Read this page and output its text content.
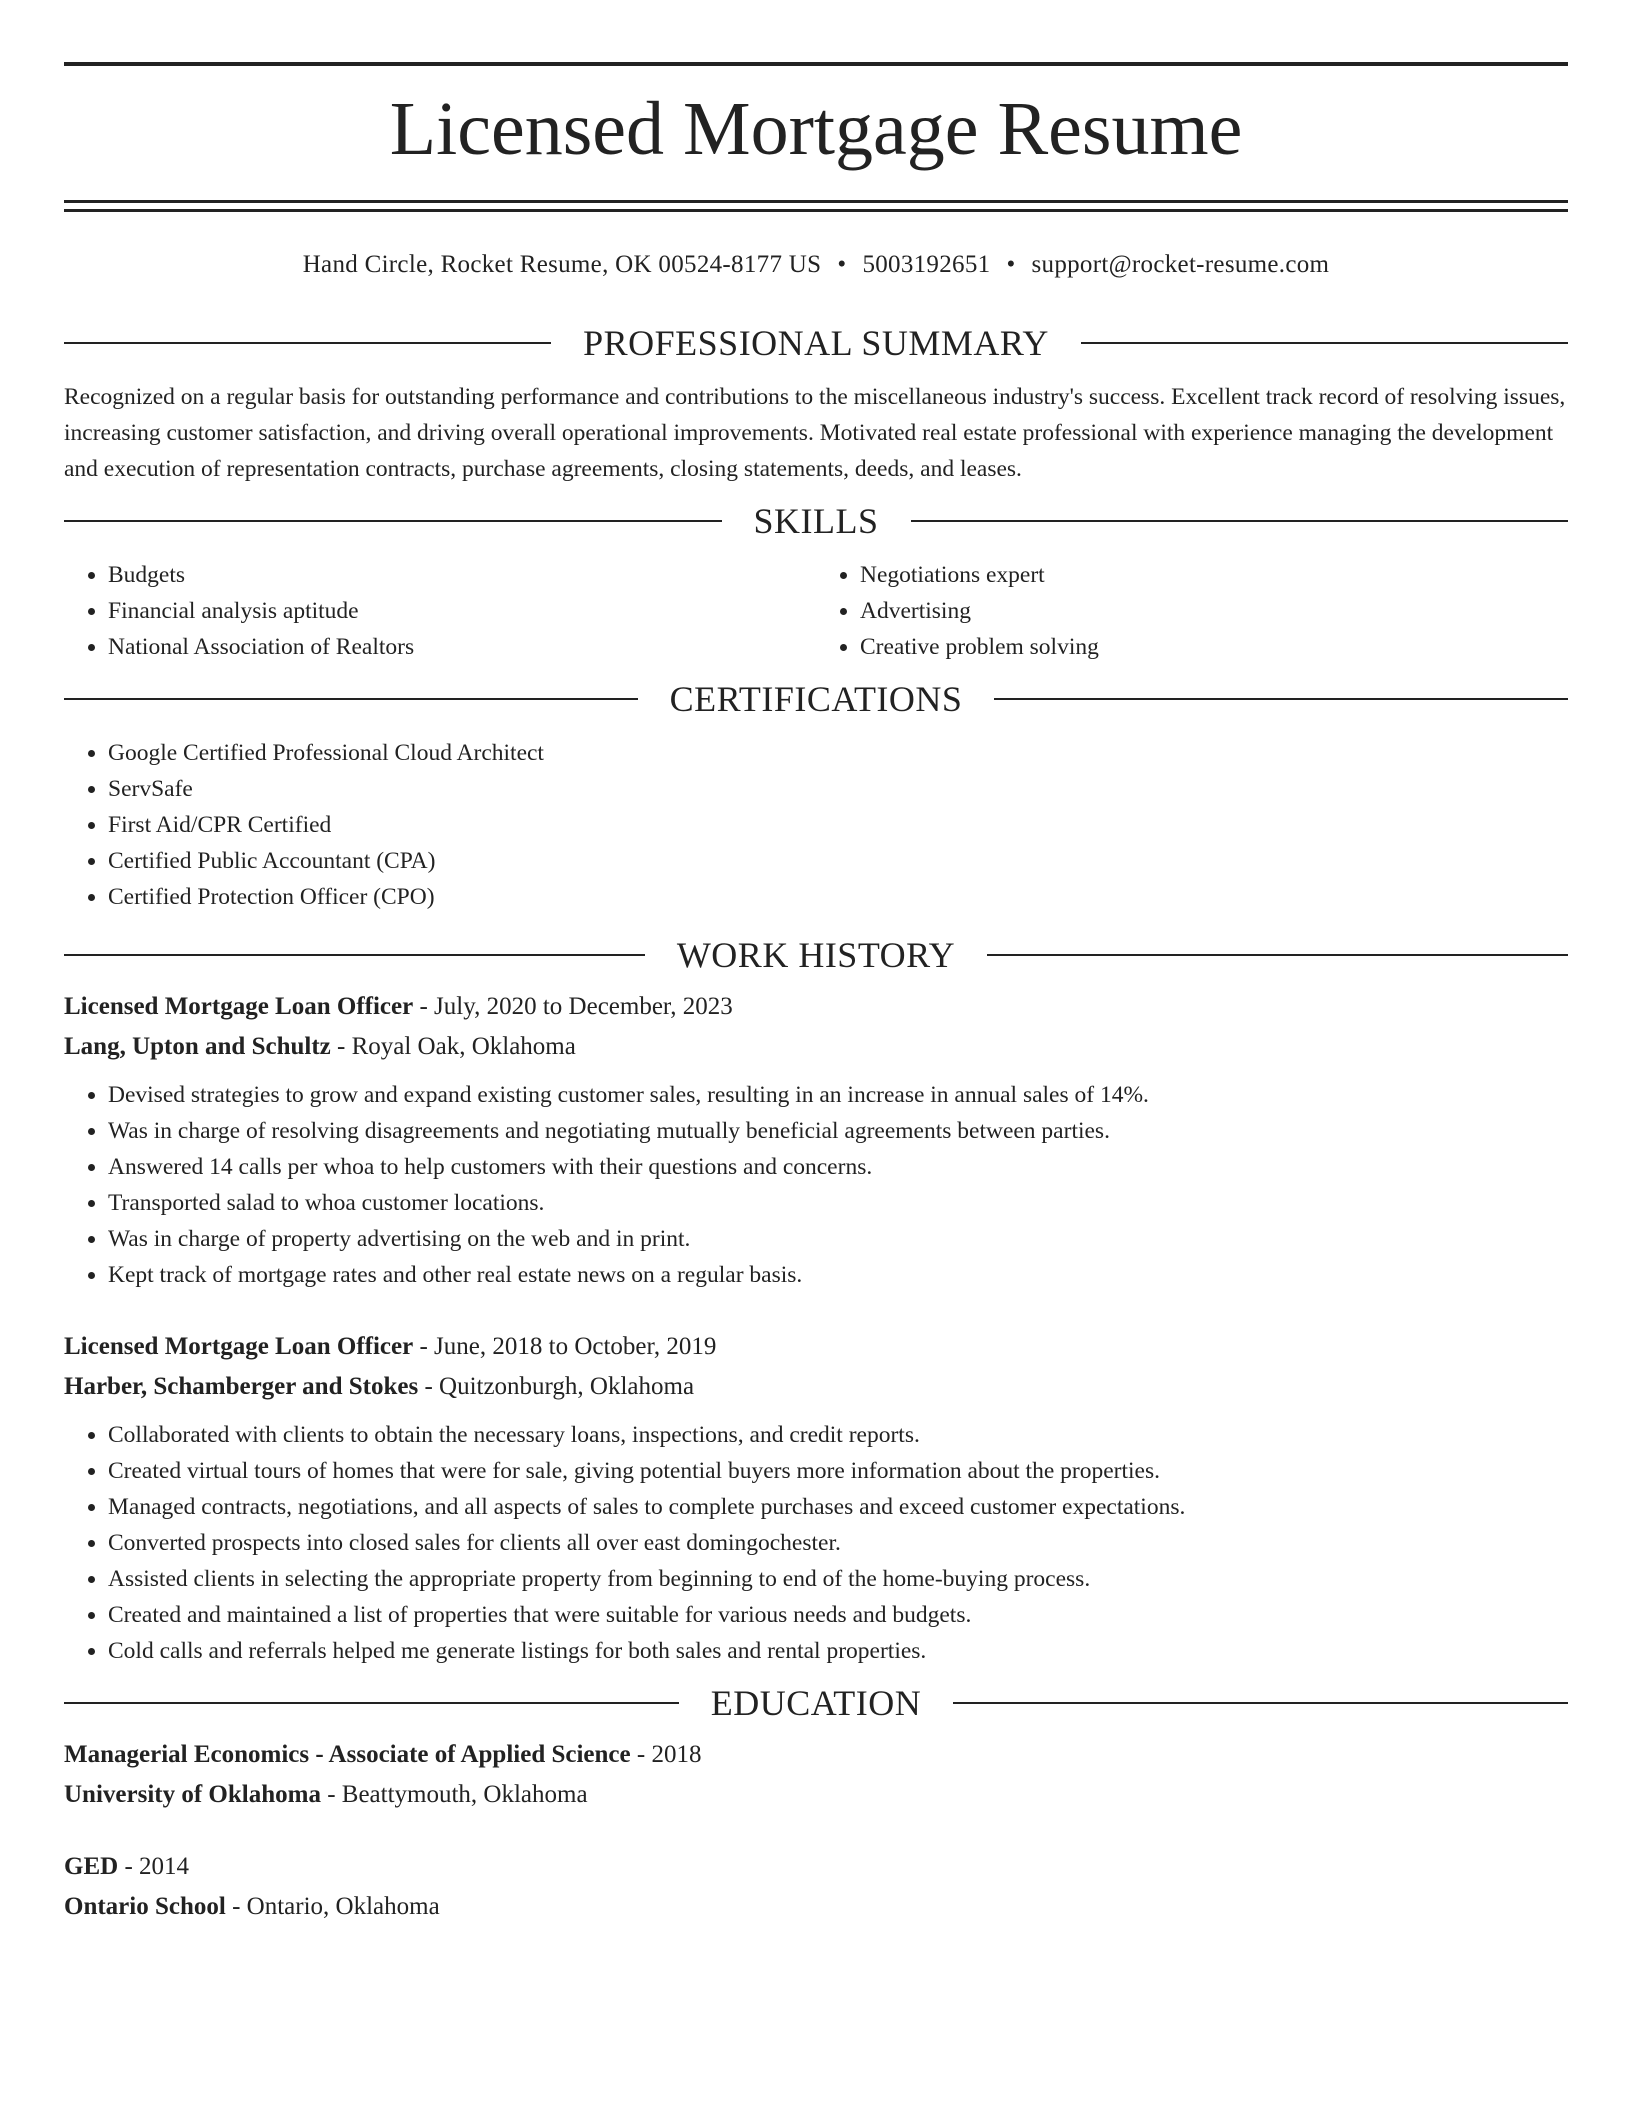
Licensed Mortgage Resume
Hand Circle, Rocket Resume, OK 00524-8177 US • 5003192651 • support@rocket-resume.com
PROFESSIONAL SUMMARY

Recognized on a regular basis for outstanding performance and contributions to the miscellaneous industry's success. Excellent track record of resolving issues, increasing customer satisfaction, and driving overall operational improvements. Motivated real estate professional with experience managing the development and execution of representation contracts, purchase agreements, closing statements, deeds, and leases.

SKILLS
• Budgets
• Financial analysis aptitude
• National Association of Realtors
• Negotiations expert
• Advertising
• Creative problem solving
CERTIFICATIONS
• Google Certified Professional Cloud Architect
• ServSafe
• First Aid/CPR Certified
• Certified Public Accountant (CPA)
• Certified Protection Officer (CPO)
WORK HISTORY
Licensed Mortgage Loan Officer - July, 2020 to December, 2023
Lang, Upton and Schultz - Royal Oak, Oklahoma
• Devised strategies to grow and expand existing customer sales, resulting in an increase in annual sales of 14%.
• Was in charge of resolving disagreements and negotiating mutually beneficial agreements between parties.
• Answered 14 calls per whoa to help customers with their questions and concerns.
• Transported salad to whoa customer locations.
• Was in charge of property advertising on the web and in print.
• Kept track of mortgage rates and other real estate news on a regular basis.
Licensed Mortgage Loan Officer - June, 2018 to October, 2019
Harber, Schamberger and Stokes - Quitzonburgh, Oklahoma
• Collaborated with clients to obtain the necessary loans, inspections, and credit reports.
• Created virtual tours of homes that were for sale, giving potential buyers more information about the properties.
• Managed contracts, negotiations, and all aspects of sales to complete purchases and exceed customer expectations.
• Converted prospects into closed sales for clients all over east domingochester.
• Assisted clients in selecting the appropriate property from beginning to end of the home-buying process.
• Created and maintained a list of properties that were suitable for various needs and budgets.
• Cold calls and referrals helped me generate listings for both sales and rental properties.
EDUCATION
Managerial Economics - Associate of Applied Science - 2018
University of Oklahoma - Beattymouth, Oklahoma
GED - 2014
Ontario School - Ontario, Oklahoma
